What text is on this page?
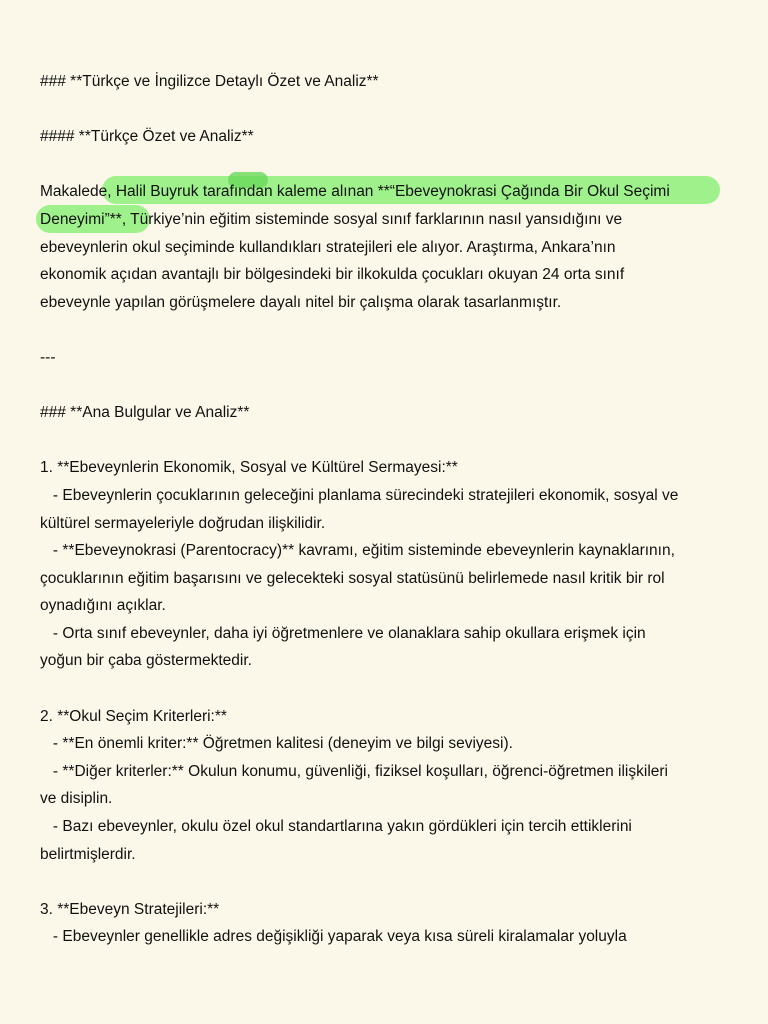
### **Türkçe ve İngilizce Detaylı Özet ve Analiz**

#### **Türkçe Özet ve Analiz**

Makalede, Halil Buyruk tarafından kaleme alınan **“Ebeveynokrasi Çağında Bir Okul Seçimi

Deneyimi”**, Türkiye’nin eğitim sisteminde sosyal sınıf farklarının nasıl yansıdığını ve

ebeveynlerin okul seçiminde kullandıkları stratejileri ele alıyor. Araştırma, Ankara’nın

ekonomik açıdan avantajlı bir bölgesindeki bir ilkokulda çocukları okuyan 24 orta sınıf

ebeveynle yapılan görüşmelere dayalı nitel bir çalışma olarak tasarlanmıştır.

---

### **Ana Bulgular ve Analiz**

1. **Ebeveynlerin Ekonomik, Sosyal ve Kültürel Sermayesi:**

- Ebeveynlerin çocuklarının geleceğini planlama sürecindeki stratejileri ekonomik, sosyal ve

kültürel sermayeleriyle doğrudan ilişkilidir.

- **Ebeveynokrasi (Parentocracy)** kavramı, eğitim sisteminde ebeveynlerin kaynaklarının,

çocuklarının eğitim başarısını ve gelecekteki sosyal statüsünü belirlemede nasıl kritik bir rol

oynadığını açıklar.

- Orta sınıf ebeveynler, daha iyi öğretmenlere ve olanaklara sahip okullara erişmek için

yoğun bir çaba göstermektedir.

2. **Okul Seçim Kriterleri:**

- **En önemli kriter:** Öğretmen kalitesi (deneyim ve bilgi seviyesi).

- **Diğer kriterler:** Okulun konumu, güvenliği, fiziksel koşulları, öğrenci-öğretmen ilişkileri

ve disiplin.

- Bazı ebeveynler, okulu özel okul standartlarına yakın gördükleri için tercih ettiklerini

belirtmişlerdir.

3. **Ebeveyn Stratejileri:**

- Ebeveynler genellikle adres değişikliği yaparak veya kısa süreli kiralamalar yoluyla
